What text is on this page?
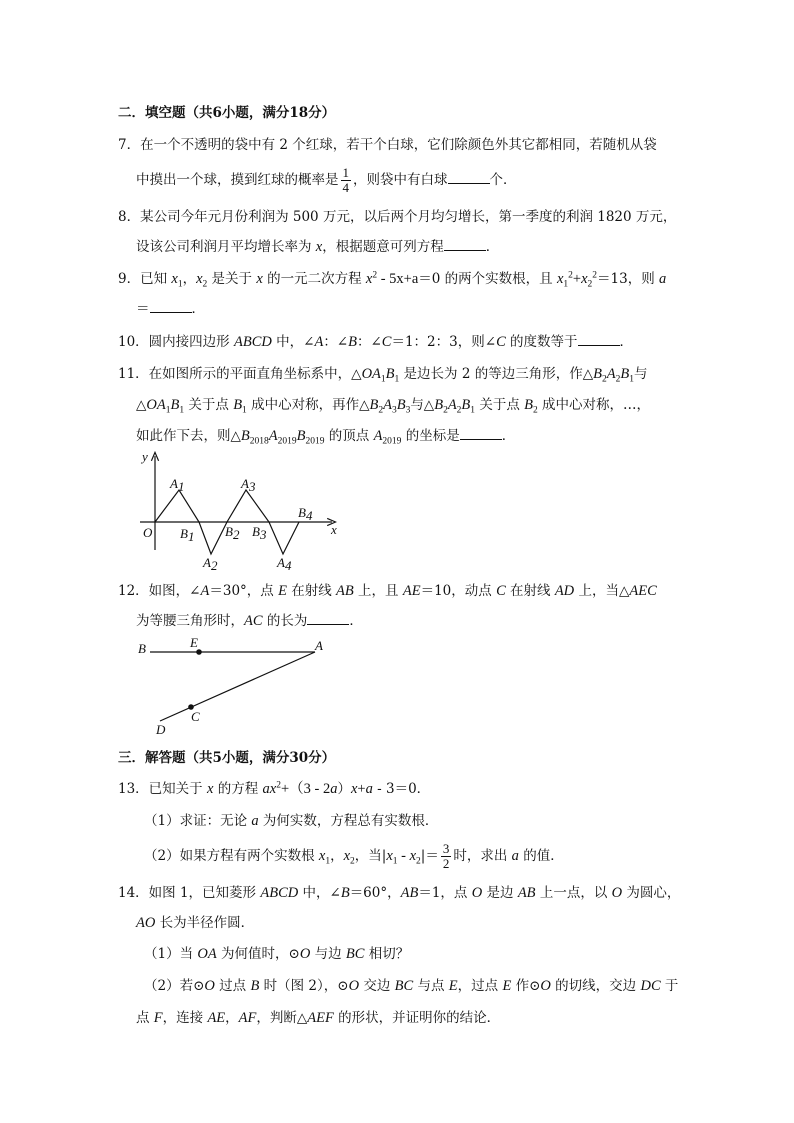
二．填空题（共6小题，满分18分）
7．在一个不透明的袋中有 2 个红球，若干个白球，它们除颜色外其它都相同，若随机从袋
中摸出一个球，摸到红球的概率是 $\frac{1}{4}$ ，则袋中有白球	个．
8．某公司今年元月份利润为 500 万元，以后两个月均匀增长，第一季度的利润 1820 万元，
设该公司利润月平均增长率为 x，根据题意可列方程	．
9．已知 $x_1$，$x_2$ 是关于 x 的一元二次方程 $x^2 - 5x+a=0$ 的两个实数根，且 $x_1^2+x_2^2=13$，则 a
＝	．
10．圆内接四边形 ABCD 中，∠A：∠B：∠C＝1：2：3，则∠C 的度数等于	．
11．在如图所示的平面直角坐标系中，$\triangle OA_1B_1$ 是边长为 2 的等边三角形，作$\triangle B_2A_2B_1$与
$\triangle OA_1B_1$ 关于点 $B_1$ 成中心对称，再作$\triangle B_2A_3B_3$与$\triangle B_2A_2B_1$ 关于点 $B_2$ 成中心对称，…，
如此作下去，则$\triangle B_{2018}A_{2019}B_{2019}$ 的顶点 $A_{2019}$ 的坐标是	．
y
x
O
A1	A3
B1 B2 B3
B4
A2	A4
B	E	A
C
D
12．如图，∠A＝30°，点 E 在射线 AB 上，且 AE＝10，动点 C 在射线 AD 上，当△AEC
为等腰三角形时，AC 的长为	．
三．解答题（共5小题，满分30分）
13．已知关于 x 的方程 $ax^2+(3 - 2a)x+a - 3=0$．
（1）求证：无论 a 为何实数，方程总有实数根．
（2）如果方程有两个实数根 $x_1$，$x_2$，当$|x_1 - x_2|= \frac{3}{2}$ 时，求出 a 的值．
14．如图 1，已知菱形 ABCD 中，∠B＝60°，AB＝1，点 O 是边 AB 上一点，以 O 为圆心，
AO 长为半径作圆．
（1）当 OA 为何值时，⊙O 与边 BC 相切？
（2）若⊙O 过点 B 时（图 2），⊙O 交边 BC 与点 E，过点 E 作⊙O 的切线，交边 DC 于
点 F，连接 AE，AF，判断△AEF 的形状，并证明你的结论．
